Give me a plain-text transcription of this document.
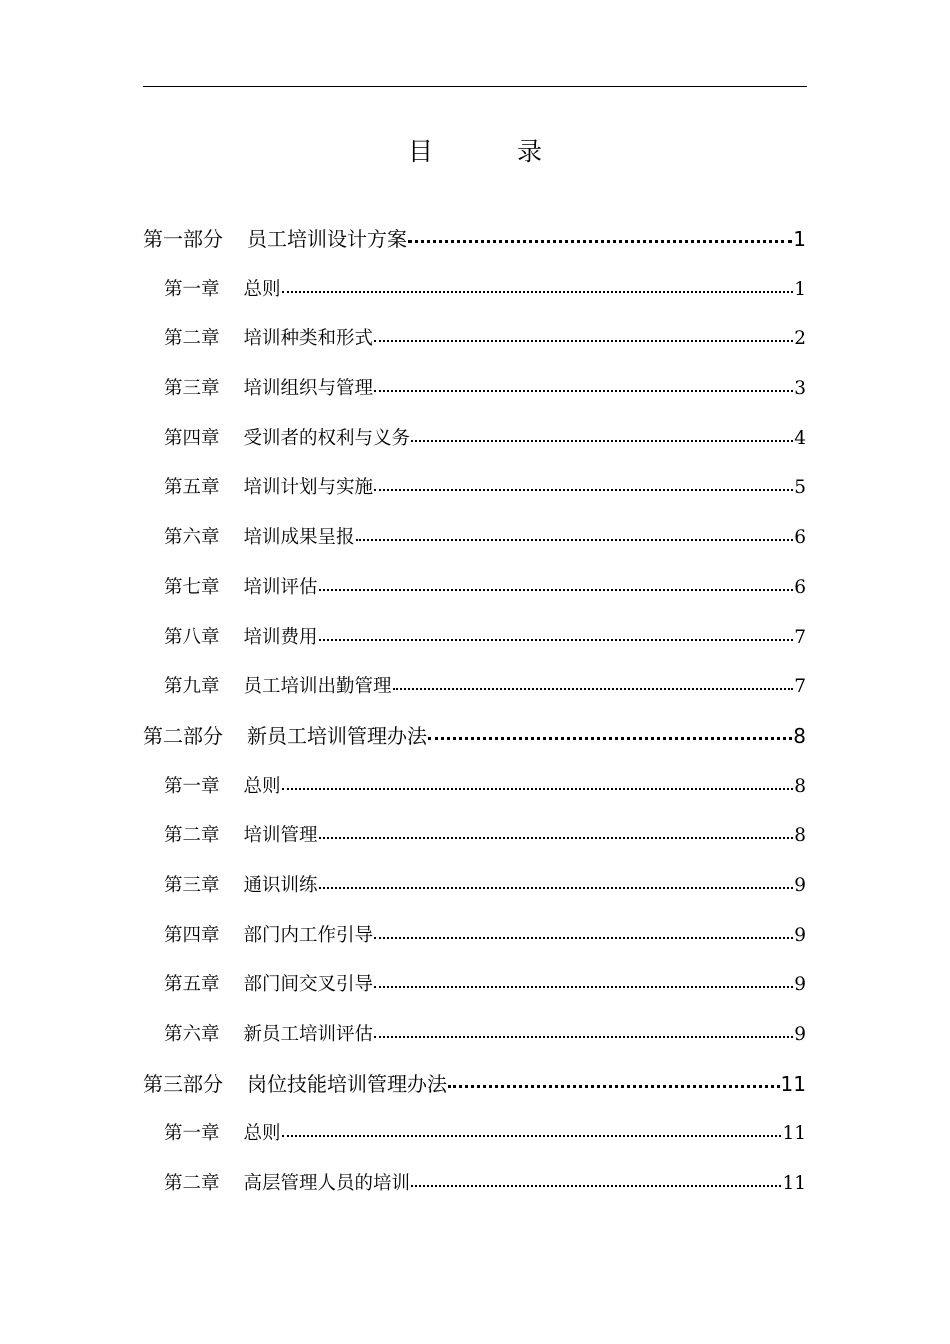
目 录
第一部分 员工培训设计方案	1
第一章 总则	1
第二章 培训种类和形式	2
第三章 培训组织与管理	3
第四章 受训者的权利与义务	4
第五章 培训计划与实施	5
第六章 培训成果呈报	6
第七章 培训评估	6
第八章 培训费用	7
第九章 员工培训出勤管理	7
第二部分 新员工培训管理办法	8
第一章 总则	8
第二章 培训管理	8
第三章 通识训练	9
第四章 部门内工作引导	9
第五章 部门间交叉引导	9
第六章 新员工培训评估	9
第三部分 岗位技能培训管理办法	11
第一章 总则	11
第二章 高层管理人员的培训	11
